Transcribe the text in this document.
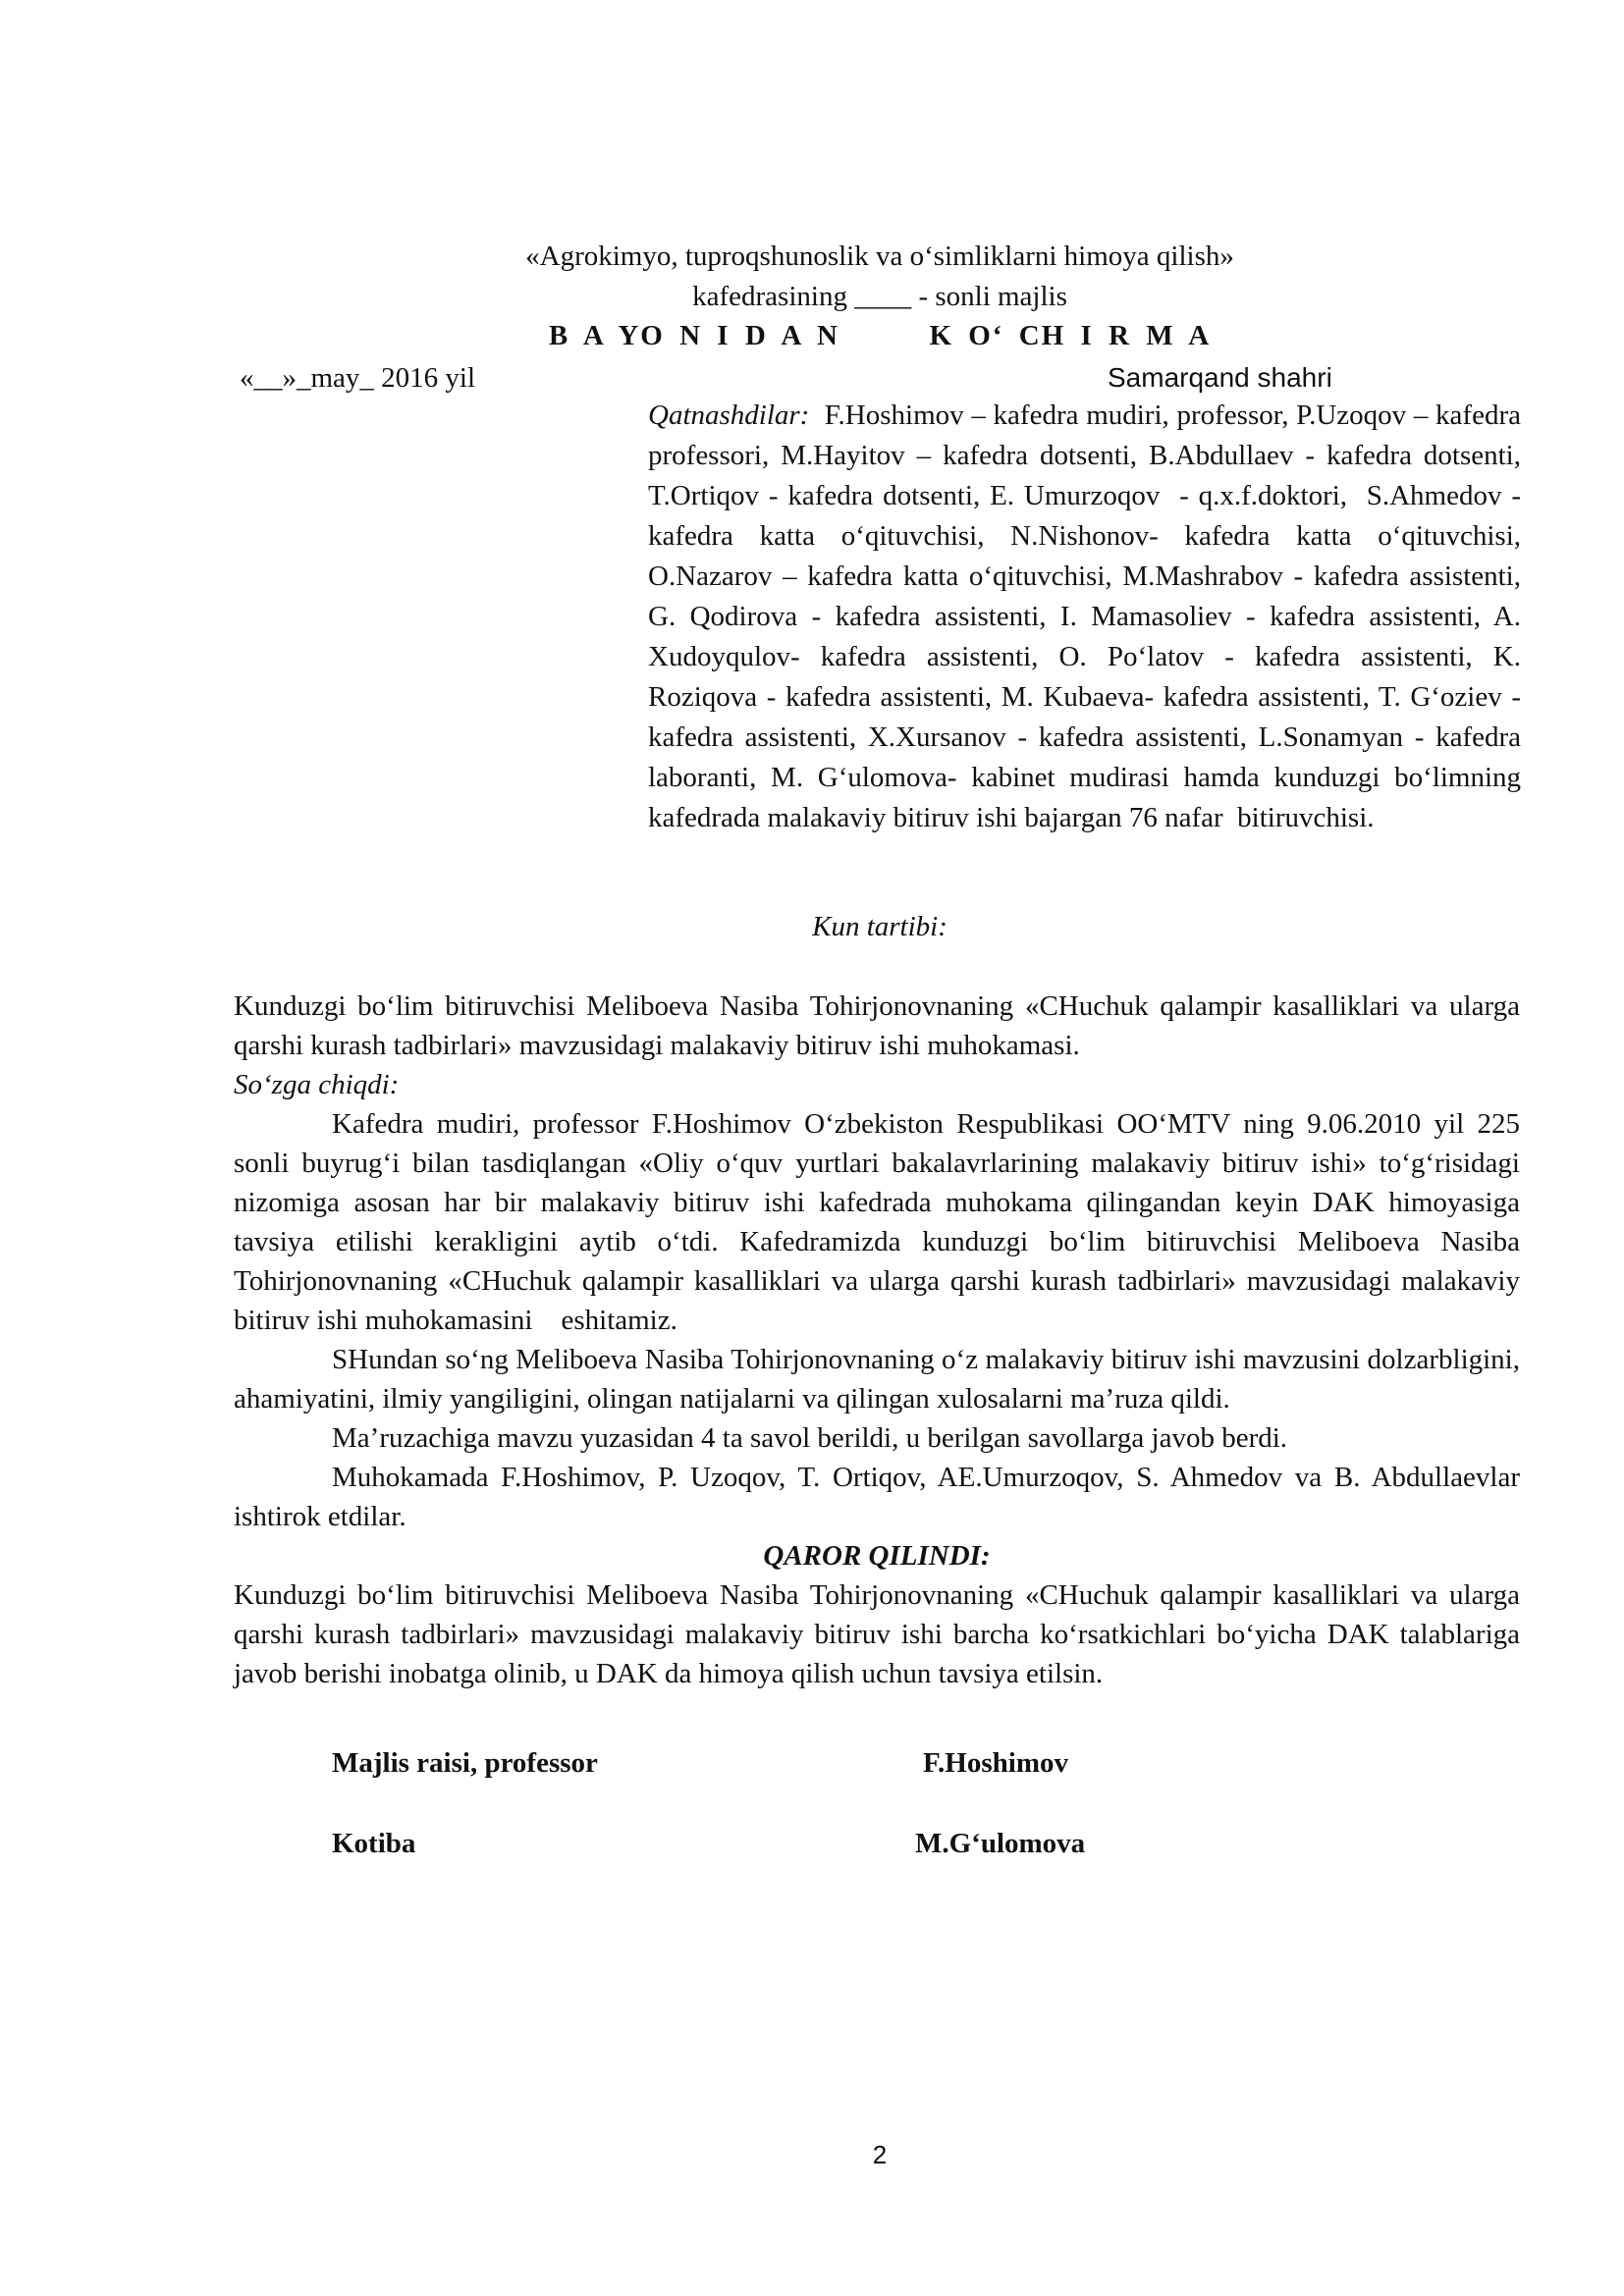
«Agrokimyo, tuproqshunoslik va o‘simliklarni himoya qilish»
kafedrasining ____ - sonli majlis
B A YO N I D A N      K O‘ CH I R M A
«__»_may_ 2016 yil	Samarqand shahri
Qatnashdilar:  F.Hoshimov – kafedra mudiri, professor, P.Uzoqov – kafedra professori, M.Hayitov – kafedra dotsenti, B.Abdullaev - kafedra dotsenti, T.Ortiqov - kafedra dotsenti, E. Umurzoqov  - q.x.f.doktori,  S.Ahmedov - kafedra katta o‘qituvchisi, N.Nishonov- kafedra katta o‘qituvchisi, O.Nazarov – kafedra katta o‘qituvchisi, M.Mashrabov - kafedra assistenti, G. Qodirova - kafedra assistenti, I. Mamasoliev - kafedra assistenti, A. Xudoyqulov- kafedra assistenti, O. Po‘latov - kafedra assistenti, K. Roziqova - kafedra assistenti, M. Kubaeva- kafedra assistenti, T. G‘oziev - kafedra assistenti, X.Xursanov - kafedra assistenti, L.Sonamyan - kafedra laboranti, M. G‘ulomova- kabinet mudirasi hamda kunduzgi bo‘limning kafedrada malakaviy bitiruv ishi bajargan 76 nafar  bitiruvchisi.
Kun tartibi:

Kunduzgi bo‘lim bitiruvchisi Meliboeva Nasiba Tohirjonovnaning «CHuchuk qalampir kasalliklari va ularga qarshi kurash tadbirlari» mavzusidagi malakaviy bitiruv ishi muhokamasi.

So‘zga chiqdi:

Kafedra mudiri, professor F.Hoshimov O‘zbekiston Respublikasi OO‘MTV ning 9.06.2010 yil 225 sonli buyrug‘i bilan tasdiqlangan «Oliy o‘quv yurtlari bakalavrlarining malakaviy bitiruv ishi» to‘g‘risidagi nizomiga asosan har bir malakaviy bitiruv ishi kafedrada muhokama qilingandan keyin DAK himoyasiga tavsiya etilishi kerakligini aytib o‘tdi. Kafedramizda kunduzgi bo‘lim bitiruvchisi Meliboeva Nasiba Tohirjonovnaning «CHuchuk qalampir kasalliklari va ularga qarshi kurash tadbirlari» mavzusidagi malakaviy bitiruv ishi muhokamasini    eshitamiz.

SHundan so‘ng Meliboeva Nasiba Tohirjonovnaning o‘z malakaviy bitiruv ishi mavzusini dolzarbligini, ahamiyatini, ilmiy yangiligini, olingan natijalarni va qilingan xulosalarni ma’ruza qildi.

Ma’ruzachiga mavzu yuzasidan 4 ta savol berildi, u berilgan savollarga javob berdi.

Muhokamada F.Hoshimov, P. Uzoqov, T. Ortiqov, AE.Umurzoqov, S. Ahmedov va B. Abdullaevlar ishtirok etdilar.

QAROR QILINDI:

Kunduzgi bo‘lim bitiruvchisi Meliboeva Nasiba Tohirjonovnaning «CHuchuk qalampir kasalliklari va ularga qarshi kurash tadbirlari» mavzusidagi malakaviy bitiruv ishi barcha ko‘rsatkichlari bo‘yicha DAK talablariga javob berishi inobatga olinib, u DAK da himoya qilish uchun tavsiya etilsin.

Majlis raisi, professor	F.Hoshimov
Kotiba	M.G‘ulomova
2
